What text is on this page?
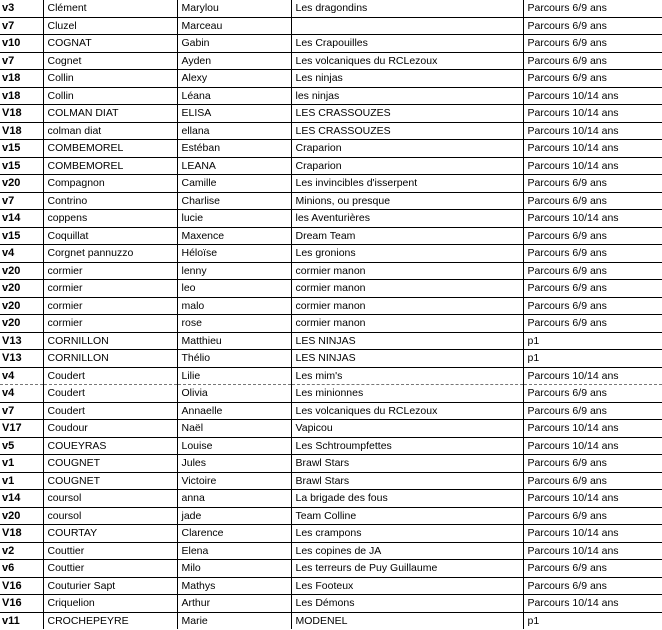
v3	Clément	Marylou	Les dragondins	Parcours 6/9 ans
v7	Cluzel	Marceau		Parcours 6/9 ans
v10	COGNAT	Gabin	Les Crapouilles	Parcours 6/9 ans
v7	Cognet	Ayden	Les volcaniques du RCLezoux	Parcours 6/9 ans
v18	Collin	Alexy	Les ninjas	Parcours 6/9 ans
v18	Collin	Léana	les ninjas	Parcours 10/14 ans
V18	COLMAN DIAT	ELISA	LES CRASSOUZES	Parcours 10/14 ans
V18	colman diat	ellana	LES CRASSOUZES	Parcours 10/14 ans
v15	COMBEMOREL	Estéban	Craparion	Parcours 10/14 ans
v15	COMBEMOREL	LEANA	Craparion	Parcours 10/14 ans
v20	Compagnon	Camille	Les invincibles d'isserpent	Parcours 6/9 ans
v7	Contrino	Charlise	Minions, ou presque	Parcours 6/9 ans
v14	coppens	lucie	les Aventurières	Parcours 10/14 ans
v15	Coquillat	Maxence	Dream Team	Parcours 6/9 ans
v4	Corgnet pannuzzo	Héloïse	Les gronions	Parcours 6/9 ans
v20	cormier	lenny	cormier manon	Parcours 6/9 ans
v20	cormier	leo	cormier manon	Parcours 6/9 ans
v20	cormier	malo	cormier manon	Parcours 6/9 ans
v20	cormier	rose	cormier manon	Parcours 6/9 ans
V13	CORNILLON	Matthieu	LES NINJAS	p1
V13	CORNILLON	Thélio	LES NINJAS	p1
v4	Coudert	Lilie	Les mim's	Parcours 10/14 ans
v4	Coudert	Olivia	Les minionnes	Parcours 6/9 ans
v7	Coudert	Annaelle	Les volcaniques du RCLezoux	Parcours 6/9 ans
V17	Coudour	Naël	Vapicou	Parcours 10/14 ans
v5	COUEYRAS	Louise	Les Schtroumpfettes	Parcours 10/14 ans
v1	COUGNET	Jules	Brawl Stars	Parcours 6/9 ans
v1	COUGNET	Victoire	Brawl Stars	Parcours 6/9 ans
v14	coursol	anna	La brigade des fous	Parcours 10/14 ans
v20	coursol	jade	Team Colline	Parcours 6/9 ans
V18	COURTAY	Clarence	Les crampons	Parcours 10/14 ans
v2	Couttier	Elena	Les copines de JA	Parcours 10/14 ans
v6	Couttier	Milo	Les terreurs de Puy Guillaume	Parcours 6/9 ans
V16	Couturier Sapt	Mathys	Les Footeux	Parcours 6/9 ans
V16	Criquelion	Arthur	Les Démons	Parcours 10/14 ans
v11	CROCHEPEYRE	Marie	MODENEL	p1
